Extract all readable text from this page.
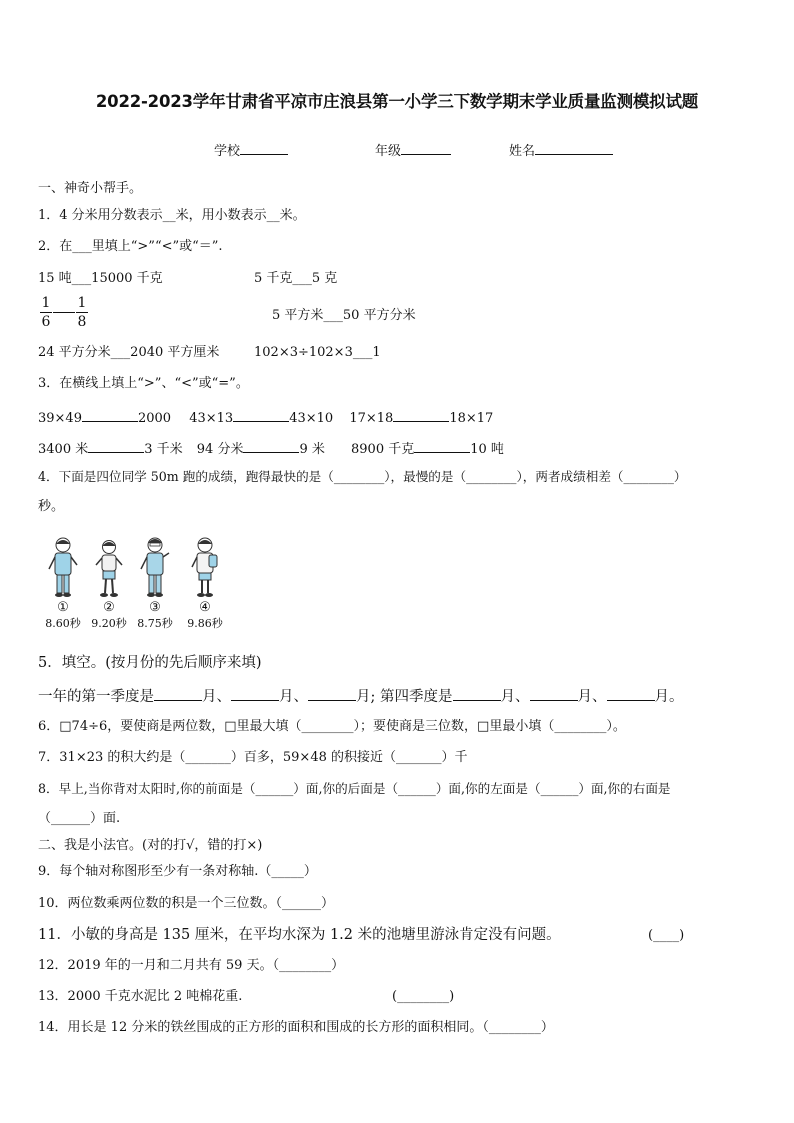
2022-2023学年甘肃省平凉市庄浪县第一小学三下数学期末学业质量监测模拟试题
学校	年级	姓名
一、神奇小帮手。
1．4 分米用分数表示__米，用小数表示__米。
2．在___里填上“>”“<”或“＝”.
15 吨___15000 千克	5 千克___5 克
1
6
1
8	5 平方米___50 平方分米
24 平方分米___2040 平方厘米	102×3÷102×3___1
3．在横线上填上“>”、“<”或“=”。
39×49	2000 43×13	43×10 17×18	18×17
3400 米	3 千米 94 分米	9 米 8900 千克	10 吨
4．下面是四位同学 50m 跑的成绩，跑得最快的是（________），最慢的是（________），两者成绩相差（________）
秒。
①
8.60秒
②
9.20秒
③
8.75秒
④
9.86秒
5．填空。(按月份的先后顺序来填)
一年的第一季度是	月、	月、	月; 第四季度是	月、	月、	月。
6．□74÷6，要使商是两位数，□里最大填（________）；要使商是三位数，□里最小填（________）。
7．31×23 的积大约是（_______）百多，59×48 的积接近（_______）千
8．早上,当你背对太阳时,你的前面是（______）面,你的后面是（______）面,你的左面是（______）面,你的右面是
（______）面.
二、我是小法官。(对的打√，错的打×)
9．每个轴对称图形至少有一条对称轴.（_____）
10．两位数乘两位数的积是一个三位数。（______）
11．小敏的身高是 135 厘米，在平均水深为 1.2 米的池塘里游泳肯定没有问题。	(____)
12．2019 年的一月和二月共有 59 天。（________）
13．2000 千克水泥比 2 吨棉花重.	(________)
14．用长是 12 分米的铁丝围成的正方形的面积和围成的长方形的面积相同。（________）
